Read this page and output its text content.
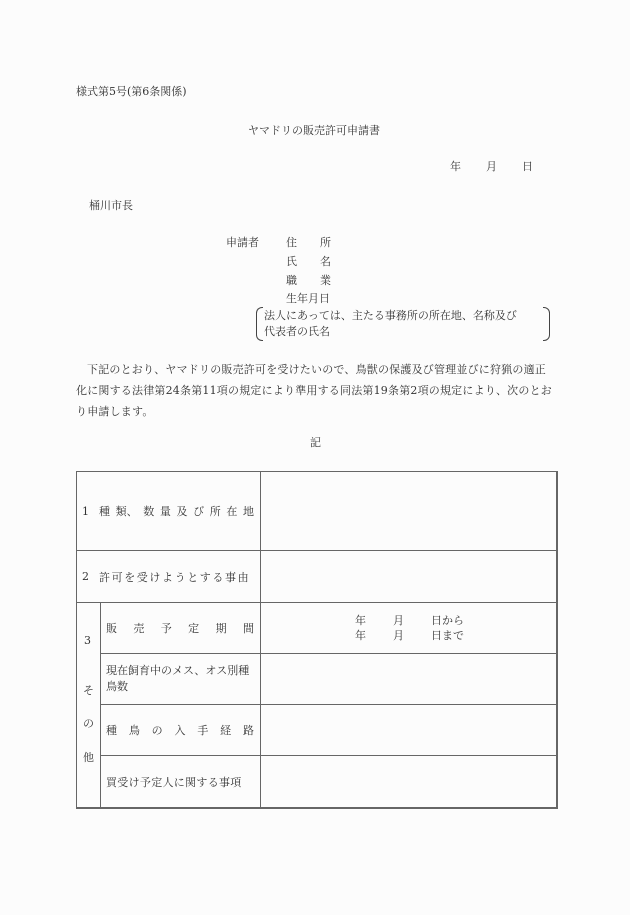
様式第5号(第6条関係)
ヤマドリの販売許可申請書
年 月 日
桶川市長
申請者 住 所
氏 名
職 業
生年月日
法人にあっては、主たる事務所の所在地、名称及び
代表者の氏名
下記のとおり、ヤマドリの販売許可を受けたいので、鳥獣の保護及び管理並びに狩猟の適正化に関する法律第24条第11項の規定により準用する同法第19条第2項の規定により、次のとおり申請します。
記
1 種 類、 数 量 及 び 所 在 地
2 許可を受けようとする事由
3
そ
の
他
販 売 予 定 期 間
年 月 日から
年 月 日まで
現在飼育中のメス、オス別種鳥数
種 鳥 の 入 手 経 路
買受け予定人に関する事項
